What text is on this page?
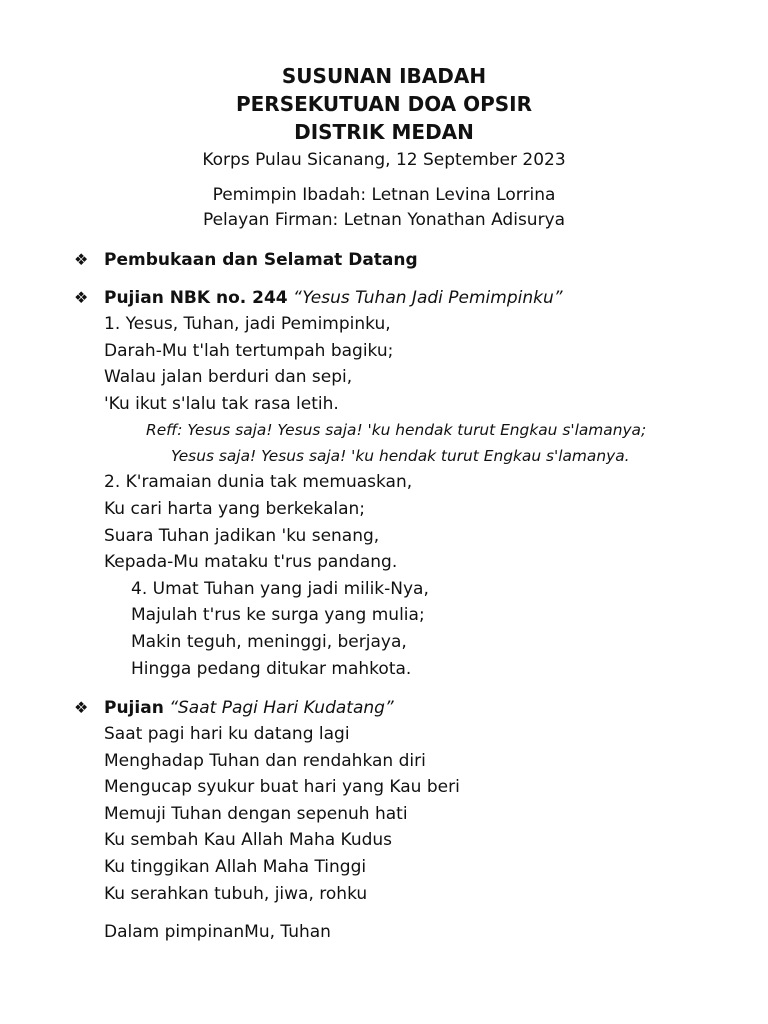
SUSUNAN IBADAH
PERSEKUTUAN DOA OPSIR
DISTRIK MEDAN
Korps Pulau Sicanang, 12 September 2023
Pemimpin Ibadah: Letnan Levina Lorrina
Pelayan Firman: Letnan Yonathan Adisurya
❖ Pembukaan dan Selamat Datang
❖ Pujian NBK no. 244 “Yesus Tuhan Jadi Pemimpinku”
1. Yesus, Tuhan, jadi Pemimpinku,
Darah-Mu t'lah tertumpah bagiku;
Walau jalan berduri dan sepi,
'Ku ikut s'lalu tak rasa letih.
Reff: Yesus saja! Yesus saja! 'ku hendak turut Engkau s'lamanya;
Yesus saja! Yesus saja! 'ku hendak turut Engkau s'lamanya.
2. K'ramaian dunia tak memuaskan,
Ku cari harta yang berkekalan;
Suara Tuhan jadikan 'ku senang,
Kepada-Mu mataku t'rus pandang.
4. Umat Tuhan yang jadi milik-Nya,
Majulah t'rus ke surga yang mulia;
Makin teguh, meninggi, berjaya,
Hingga pedang ditukar mahkota.
❖ Pujian “Saat Pagi Hari Kudatang”
Saat pagi hari ku datang lagi
Menghadap Tuhan dan rendahkan diri
Mengucap syukur buat hari yang Kau beri
Memuji Tuhan dengan sepenuh hati
Ku sembah Kau Allah Maha Kudus
Ku tinggikan Allah Maha Tinggi
Ku serahkan tubuh, jiwa, rohku
Dalam pimpinanMu, Tuhan
